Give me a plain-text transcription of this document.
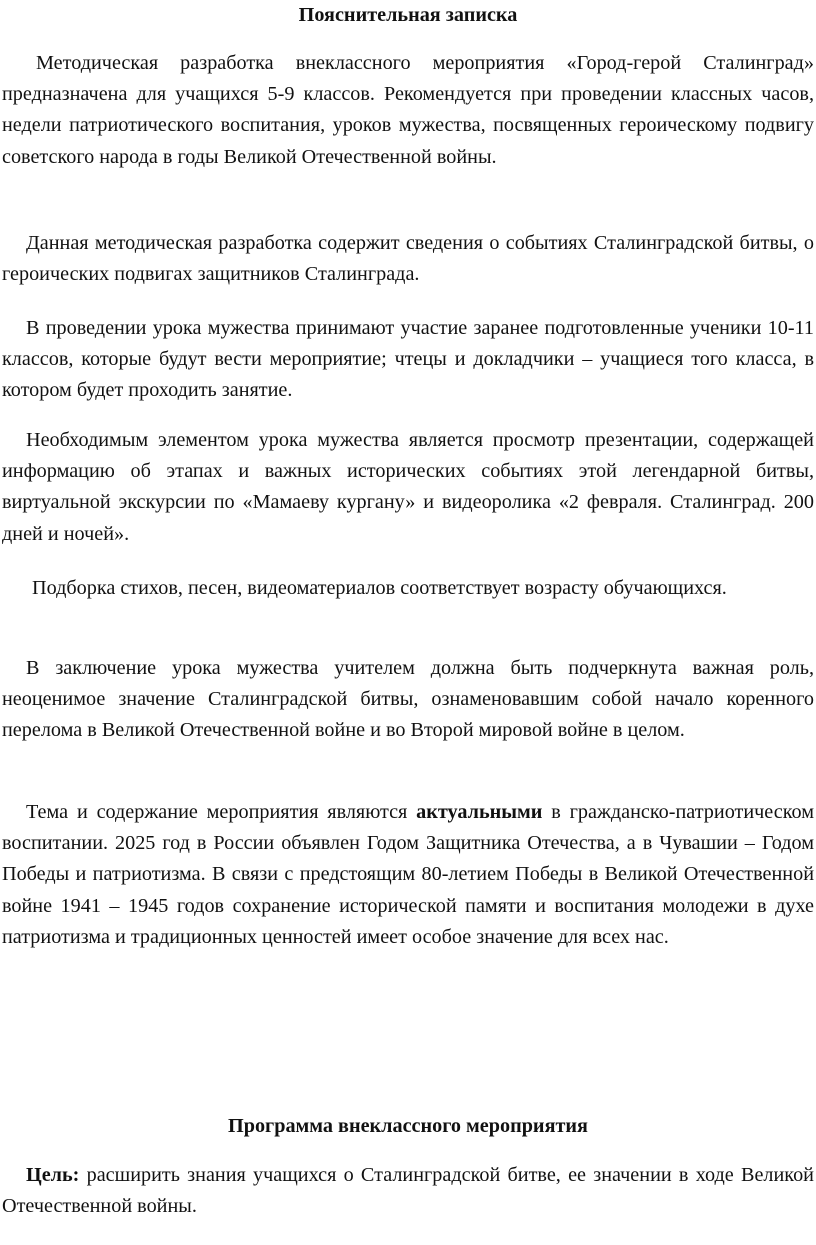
Пояснительная записка

Методическая разработка внеклассного мероприятия «Город-герой Сталинград» предназначена для учащихся 5-9 классов. Рекомендуется при проведении классных часов, недели патриотического воспитания, уроков мужества, посвященных героическому подвигу советского народа в годы Великой Отечественной войны.

Данная методическая разработка содержит сведения о событиях Сталинградской битвы, о героических подвигах защитников Сталинграда.

В проведении урока мужества принимают участие заранее подготовленные ученики 10-11 классов, которые будут вести мероприятие; чтецы и докладчики – учащиеся того класса, в котором будет проходить занятие.

Необходимым элементом урока мужества является просмотр презентации, содержащей информацию об этапах и важных исторических событиях этой легендарной битвы, виртуальной экскурсии по «Мамаеву кургану» и видеоролика «2 февраля. Сталинград. 200 дней и ночей».

Подборка стихов, песен, видеоматериалов соответствует возрасту обучающихся.

В заключение урока мужества учителем должна быть подчеркнута важная роль, неоценимое значение Сталинградской битвы, ознаменовавшим собой начало коренного перелома в Великой Отечественной войне и во Второй мировой войне в целом.

Тема и содержание мероприятия являются актуальными в гражданско-патриотическом воспитании. 2025 год в России объявлен Годом Защитника Отечества, а в Чувашии – Годом Победы и патриотизма. В связи с предстоящим 80-летием Победы в Великой Отечественной войне 1941 – 1945 годов сохранение исторической памяти и воспитания молодежи в духе патриотизма и традиционных ценностей имеет особое значение для всех нас.

Программа внеклассного мероприятия

Цель: расширить знания учащихся о Сталинградской битве, ее значении в ходе Великой Отечественной войны.
